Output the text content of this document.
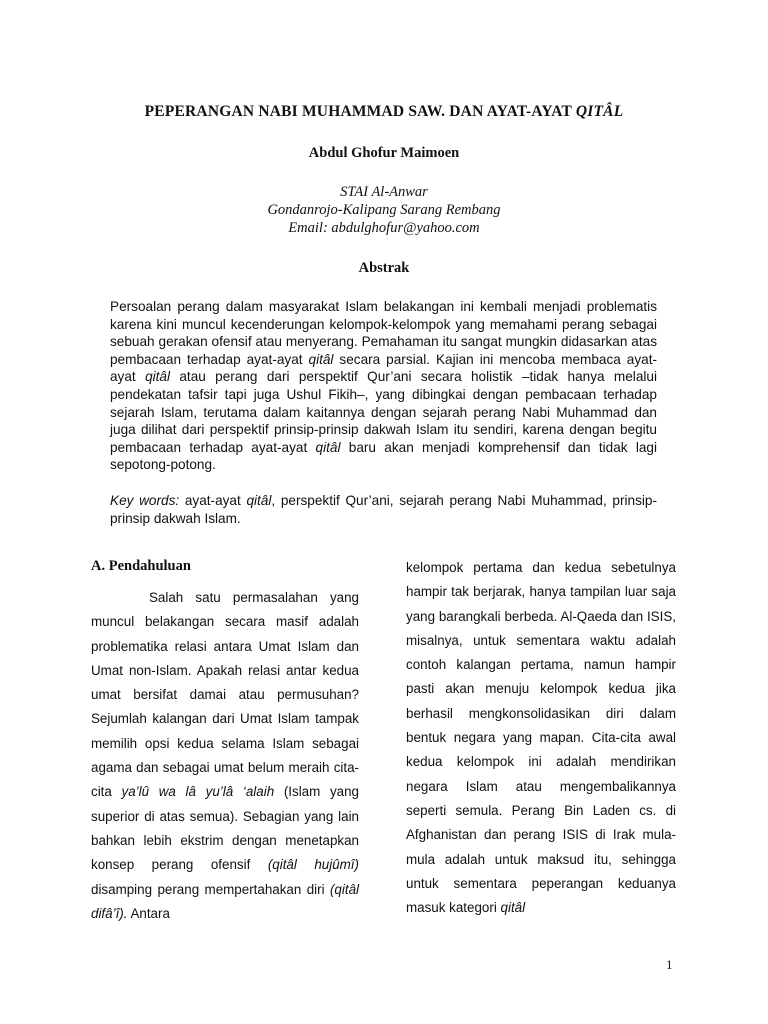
PEPERANGAN NABI MUHAMMAD SAW. DAN AYAT-AYAT QITÂL
Abdul Ghofur Maimoen
STAI Al-Anwar
Gondanrojo-Kalipang Sarang Rembang
Email: abdulghofur@yahoo.com
Abstrak

Persoalan perang dalam masyarakat Islam belakangan ini kembali menjadi problematis karena kini muncul kecenderungan kelompok-kelompok yang memahami perang sebagai sebuah gerakan ofensif atau menyerang. Pemahaman itu sangat mungkin didasarkan atas pembacaan terhadap ayat-ayat qitâl secara parsial. Kajian ini mencoba membaca ayat-ayat qitâl atau perang dari perspektif Qur’ani secara holistik –tidak hanya melalui pendekatan tafsir tapi juga Ushul Fikih–, yang dibingkai dengan pembacaan terhadap sejarah Islam, terutama dalam kaitannya dengan sejarah perang Nabi Muhammad dan juga dilihat dari perspektif prinsip-prinsip dakwah Islam itu sendiri, karena dengan begitu pembacaan terhadap ayat-ayat qitâl baru akan menjadi komprehensif dan tidak lagi sepotong-potong.

Key words: ayat-ayat qitâl, perspektif Qur’ani, sejarah perang Nabi Muhammad, prinsip-prinsip dakwah Islam.

A. Pendahuluan

Salah satu permasalahan yang muncul belakangan secara masif adalah problematika relasi antara Umat Islam dan Umat non-Islam. Apakah relasi antar kedua umat bersifat damai atau permusuhan? Sejumlah kalangan dari Umat Islam tampak memilih opsi kedua selama Islam sebagai agama dan sebagai umat belum meraih cita-cita ya’lû wa lâ yu’lâ ‘alaih (Islam yang superior di atas semua). Sebagian yang lain bahkan lebih ekstrim dengan menetapkan konsep perang ofensif (qitâl hujûmî) disamping perang mempertahakan diri (qitâl difâ’î). Antara

kelompok pertama dan kedua sebetulnya hampir tak berjarak, hanya tampilan luar saja yang barangkali berbeda. Al-Qaeda dan ISIS, misalnya, untuk sementara waktu adalah contoh kalangan pertama, namun hampir pasti akan menuju kelompok kedua jika berhasil mengkonsolidasikan diri dalam bentuk negara yang mapan. Cita-cita awal kedua kelompok ini adalah mendirikan negara Islam atau mengembalikannya seperti semula. Perang Bin Laden cs. di Afghanistan dan perang ISIS di Irak mula-mula adalah untuk maksud itu, sehingga untuk sementara peperangan keduanya masuk kategori qitâl

1
